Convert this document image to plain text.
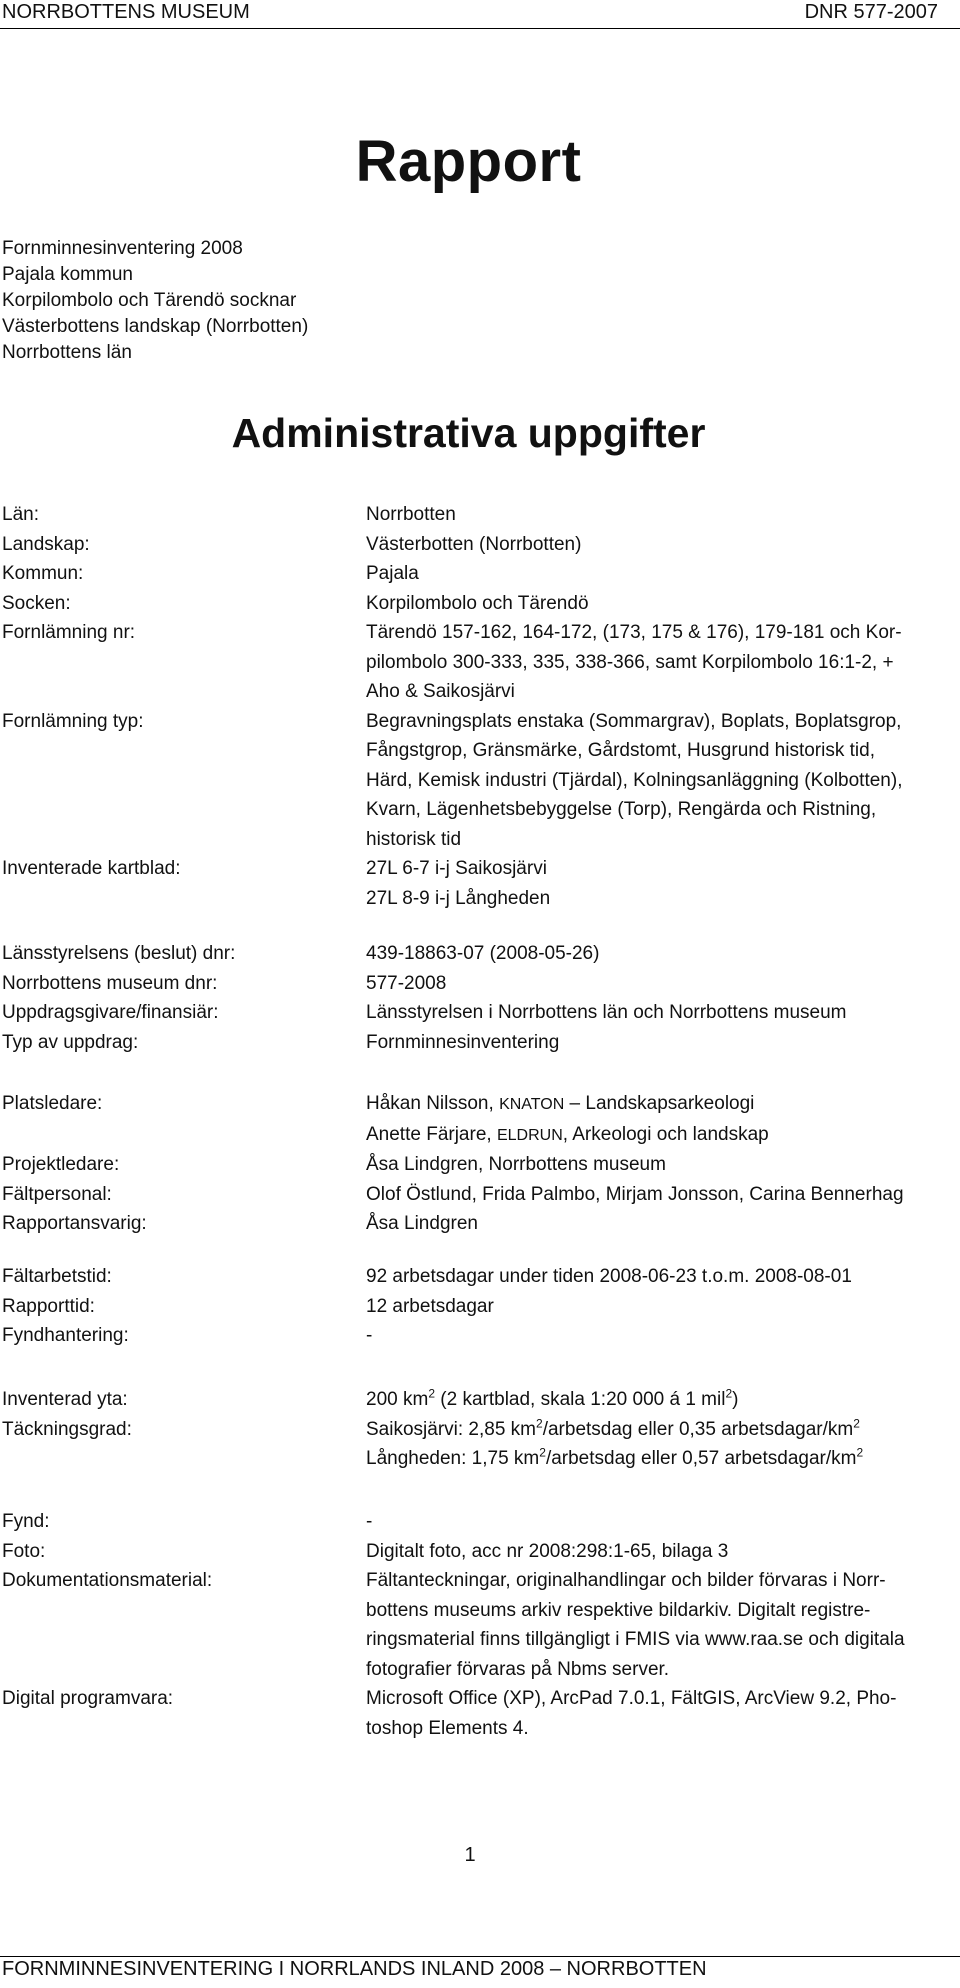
NORRBOTTENS MUSEUM	DNR 577-2007
Rapport
Fornminnesinventering 2008
Pajala kommun
Korpilombolo och Tärendö socknar
Västerbottens landskap (Norrbotten)
Norrbottens län
Administrativa uppgifter
Län:	Norrbotten
Landskap:	Västerbotten (Norrbotten)
Kommun:	Pajala
Socken:	Korpilombolo och Tärendö
Fornlämning nr:	Tärendö 157-162, 164-172, (173, 175 & 176), 179-181 och Kor-
pilombolo 300-333, 335, 338-366, samt Korpilombolo 16:1-2, +
Aho & Saikosjärvi
Fornlämning typ:	Begravningsplats enstaka (Sommargrav), Boplats, Boplatsgrop,
Fångstgrop, Gränsmärke, Gårdstomt, Husgrund historisk tid,
Härd, Kemisk industri (Tjärdal), Kolningsanläggning (Kolbotten),
Kvarn, Lägenhetsbebyggelse (Torp), Rengärda och Ristning,
historisk tid
Inventerade kartblad:	27L 6-7 i-j Saikosjärvi
27L 8-9 i-j Långheden
Länsstyrelsens (beslut) dnr:	439-18863-07 (2008-05-26)
Norrbottens museum dnr:	577-2008
Uppdragsgivare/finansiär:	Länsstyrelsen i Norrbottens län och Norrbottens museum
Typ av uppdrag:	Fornminnesinventering
Platsledare:	Håkan Nilsson, KNATON – Landskapsarkeologi
Anette Färjare, ELDRUN, Arkeologi och landskap
Projektledare:	Åsa Lindgren, Norrbottens museum
Fältpersonal:	Olof Östlund, Frida Palmbo, Mirjam Jonsson, Carina Bennerhag
Rapportansvarig:	Åsa Lindgren
Fältarbetstid:	92 arbetsdagar under tiden 2008-06-23 t.o.m. 2008-08-01
Rapporttid:	12 arbetsdagar
Fyndhantering:	-
Inventerad yta:	200 $km^2$ (2 kartblad, skala 1:20 000 á 1 mil$^2$)
Täckningsgrad:	Saikosjärvi: 2,85 $km^2$/arbetsdag eller 0,35 arbetsdagar/$km^2$
Långheden: 1,75 $km^2$/arbetsdag eller 0,57 arbetsdagar/$km^2$
Fynd:	-
Foto:	Digitalt foto, acc nr 2008:298:1-65, bilaga 3
Dokumentationsmaterial:	Fältanteckningar, originalhandlingar och bilder förvaras i Norr-
bottens museums arkiv respektive bildarkiv. Digitalt registre-
ringsmaterial finns tillgängligt i FMIS via www.raa.se och digitala
fotografier förvaras på Nbms server.
Digital programvara:	Microsoft Office (XP), ArcPad 7.0.1, FältGIS, ArcView 9.2, Pho-
toshop Elements 4.
1
FORNMINNESINVENTERING I NORRLANDS INLAND 2008 – NORRBOTTEN
